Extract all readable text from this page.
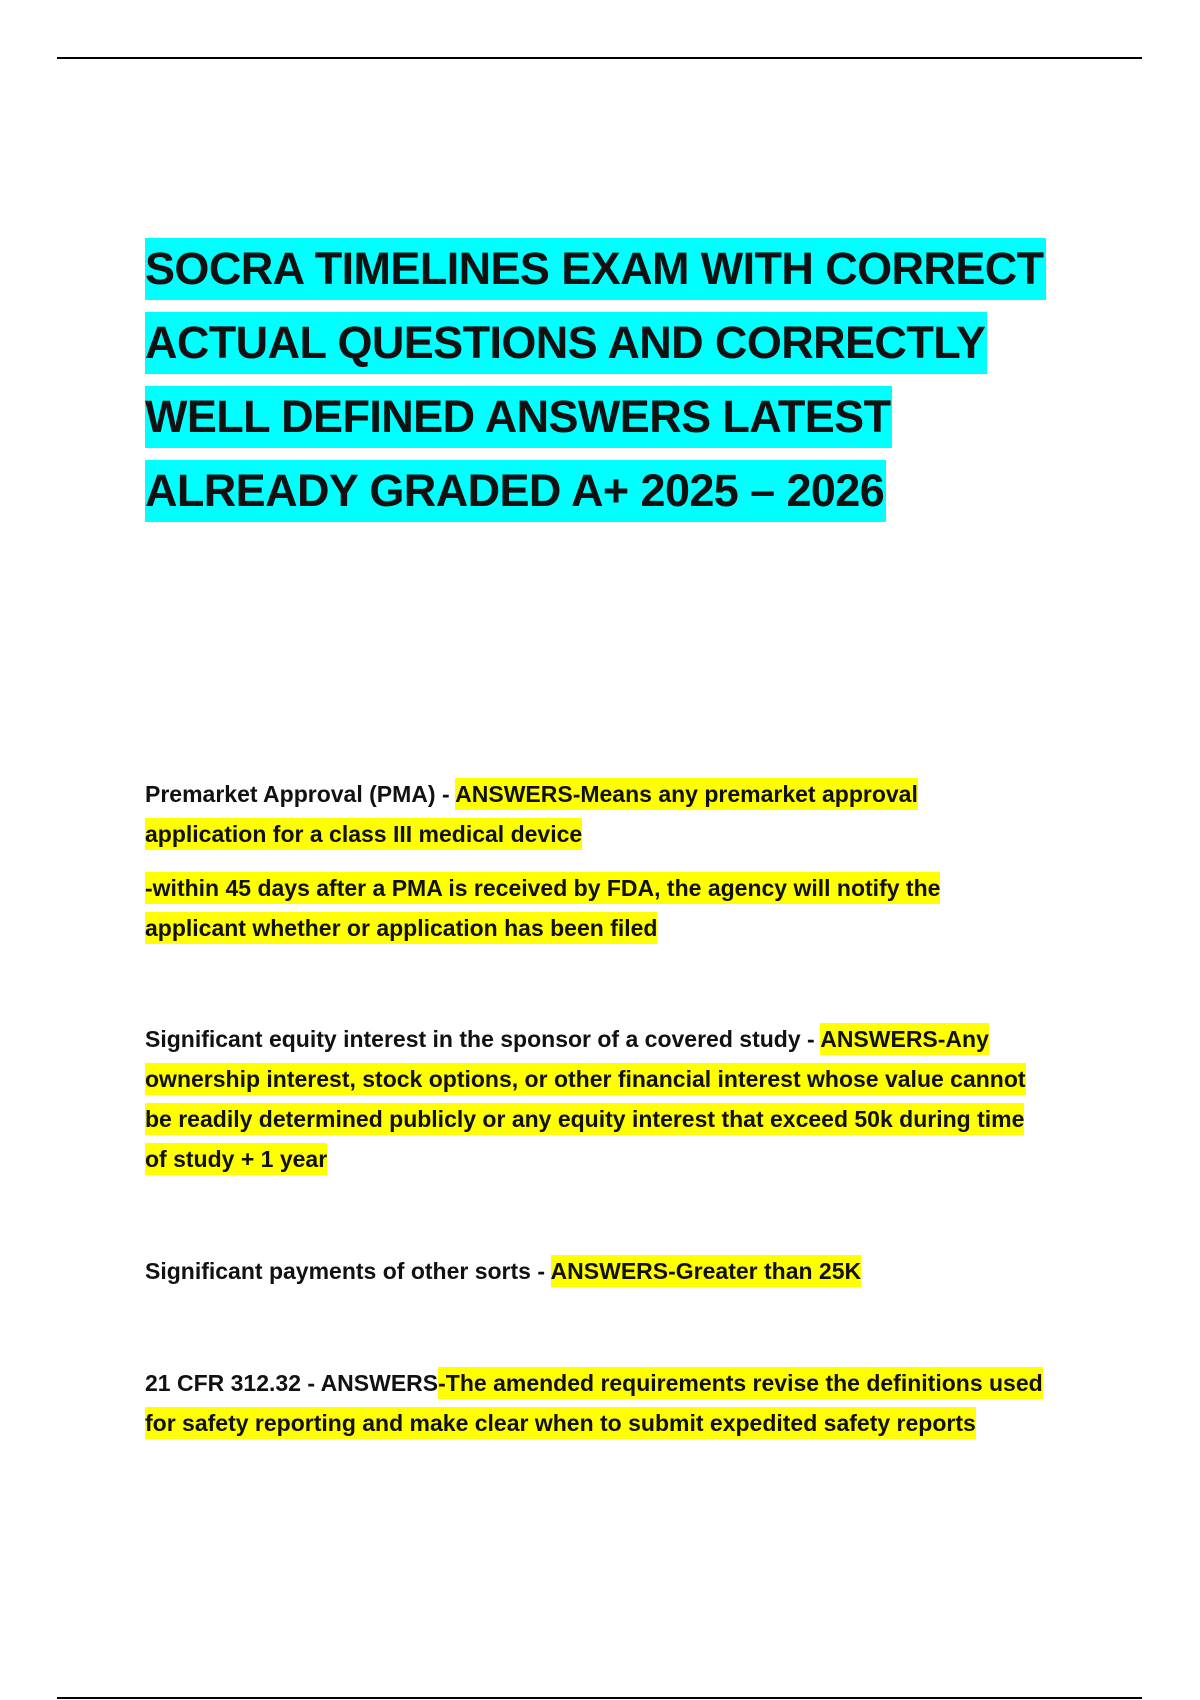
SOCRA TIMELINES EXAM WITH CORRECT
ACTUAL QUESTIONS AND CORRECTLY
WELL DEFINED ANSWERS LATEST
ALREADY GRADED A+ 2025 – 2026

Premarket Approval (PMA) - ANSWERS-Means any premarket approval application for a class III medical device

-within 45 days after a PMA is received by FDA, the agency will notify the applicant whether or application has been filed

Significant equity interest in the sponsor of a covered study - ANSWERS-Any ownership interest, stock options, or other financial interest whose value cannot be readily determined publicly or any equity interest that exceed 50k during time of study + 1 year

Significant payments of other sorts - ANSWERS-Greater than 25K

21 CFR 312.32 - ANSWERS-The amended requirements revise the definitions used for safety reporting and make clear when to submit expedited safety reports
